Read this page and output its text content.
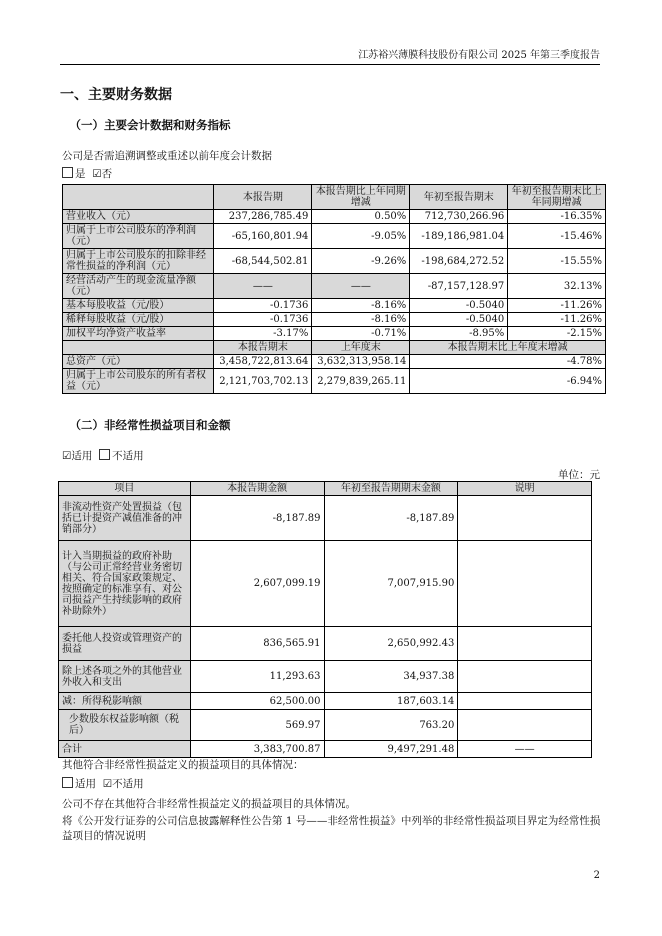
江苏裕兴薄膜科技股份有限公司 2025 年第三季度报告
一、主要财务数据
（一）主要会计数据和财务指标
公司是否需追溯调整或重述以前年度会计数据
是 ☑否
	本报告期	本报告期比上年同期增减	年初至报告期末	年初至报告期末比上年同期增减
营业收入（元）	237,286,785.49	0.50%	712,730,266.96	-16.35%
归属于上市公司股东的净利润（元）	-65,160,801.94	-9.05%	-189,186,981.04	-15.46%
归属于上市公司股东的扣除非经常性损益的净利润（元）	-68,544,502.81	-9.26%	-198,684,272.52	-15.55%
经营活动产生的现金流量净额（元）	——	——	-87,157,128.97	32.13%
基本每股收益（元/股）	-0.1736	-8.16%	-0.5040	-11.26%
稀释每股收益（元/股）	-0.1736	-8.16%	-0.5040	-11.26%
加权平均净资产收益率	-3.17%	-0.71%	-8.95%	-2.15%
	本报告期末	上年度末	本报告期末比上年度末增减	
总资产（元）	3,458,722,813.64	3,632,313,958.14	-4.78%	
归属于上市公司股东的所有者权益（元）	2,121,703,702.13	2,279,839,265.11	-6.94%	
（二）非经常性损益项目和金额
☑适用 不适用
单位：元
项目	本报告期金额	年初至报告期期末金额	说明
非流动性资产处置损益（包括已计提资产减值准备的冲销部分）	-8,187.89	-8,187.89	
计入当期损益的政府补助（与公司正常经营业务密切相关、符合国家政策规定、按照确定的标准享有、对公司损益产生持续影响的政府补助除外）	2,607,099.19	7,007,915.90	
委托他人投资或管理资产的损益	836,565.91	2,650,992.43	
除上述各项之外的其他营业外收入和支出	11,293.63	34,937.38	
减：所得税影响额	62,500.00	187,603.14	
少数股东权益影响额（税后）	569.97	763.20	
合计	3,383,700.87	9,497,291.48	——
其他符合非经常性损益定义的损益项目的具体情况：
适用 ☑不适用
公司不存在其他符合非经常性损益定义的损益项目的具体情况。
将《公开发行证券的公司信息披露解释性公告第 1 号——非经常性损益》中列举的非经常性损益项目界定为经常性损益项目的情况说明
2
